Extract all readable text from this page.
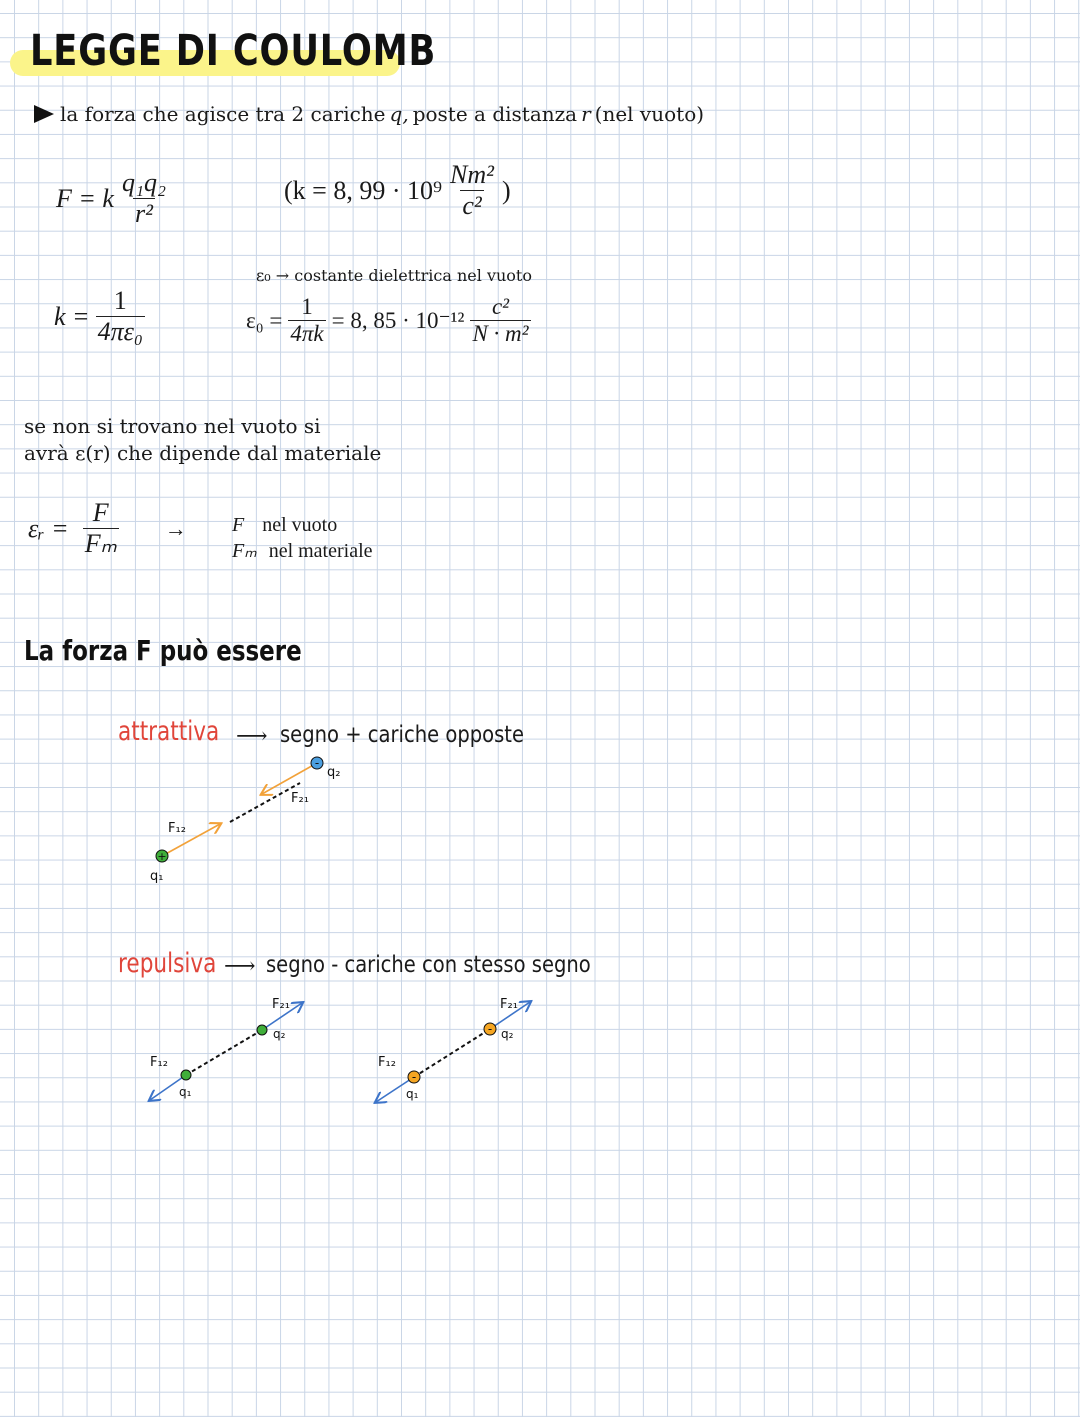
LEGGE DI COULOMB
la forza che agisce tra 2 cariche q, poste a distanza r (nel vuoto)
F = k $\frac{\text{q₁q₂}}{\text{r²}}$	(k = 8, $99 \cdot 10^9 \frac{\text{Nm²}}{\text{c²}}$ )
ε₀ → costante dielettrica nel vuoto
$k = \frac{1}{\text{4πε₀}}$	$\varepsilon_0 = \frac{1}{4\pi k} = 8$, $85 \cdot 10^{-12} \frac{\text{c²}}{\text{N · m²}}$
se non si trovano nel vuoto si
avrà ε(r) che dipende dal materiale
εᵣ = $\frac{F}{\text{Fₘ}} \to F$ nel vuoto
Fₘ nel materiale
La forza F può essere
attrattiva ⟶ segno + cariche opposte
repulsiva ⟶ segno - cariche con stesso segno
+
-
q₁
q₂
F₁₂
F₂₁
q₁
q₂
F₁₂
F₂₁
-
-
q₁
q₂
F₁₂
F₂₁
